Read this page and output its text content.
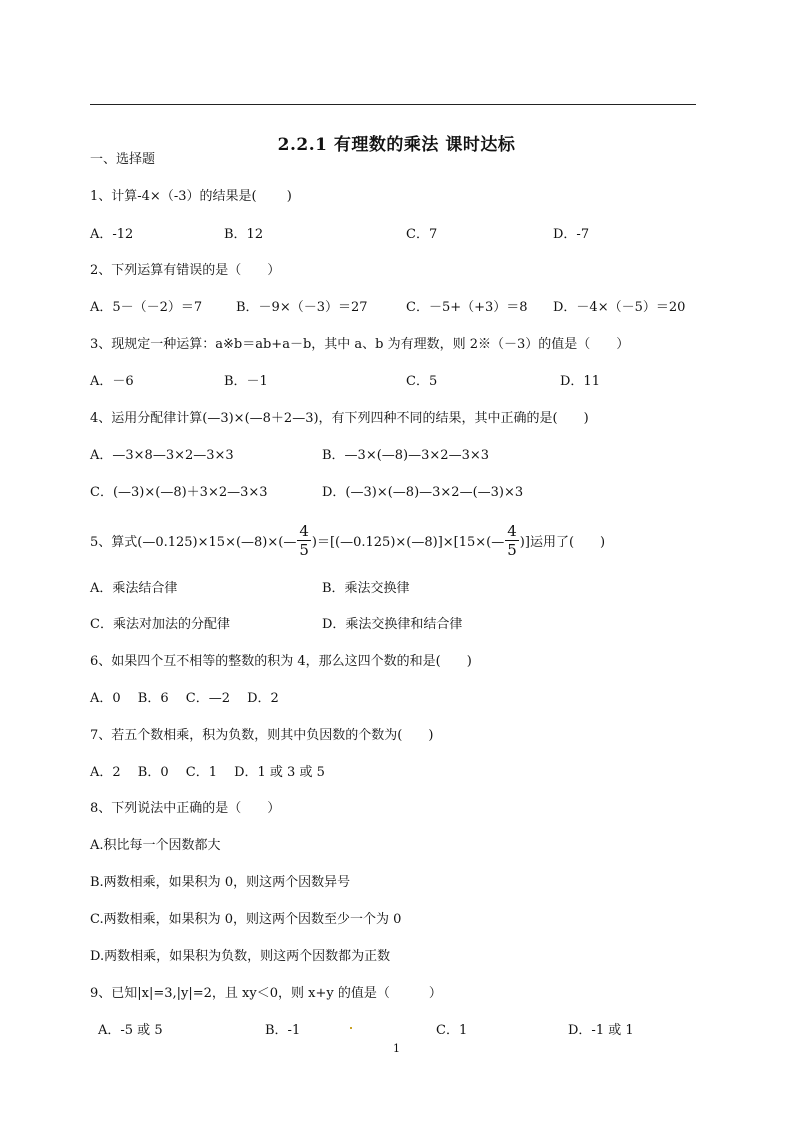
2.2.1 有理数的乘法 课时达标
一、选择题
1、计算-4×（-3）的结果是(　　 )
A．-12	B．12	C．7	D．-7
2、下列运算有错误的是（　　）
A．5－（－2）＝7	B．－9×（－3）＝27	C．－5+（+3）＝8 D．－4×（－5）＝20
3、现规定一种运算：a※b＝ab+a－b，其中 a、b 为有理数，则 2※（－3）的值是（　　）
A．－6	B．－1	C．5	D．11
4、运用分配律计算(—3)×(—8＋2—3)，有下列四种不同的结果，其中正确的是(　　)
A．—3×8—3×2—3×3	B．—3×(—8)—3×2—3×3
C．(—3)×(—8)＋3×2—3×3	D．(—3)×(—8)—3×2—(—3)×3
5、算式(—0.125)×15×(—8)×(— $\frac{4}{5}$ )＝[(—0.125)×(—8)]×[15×(— $\frac{4}{5}$ )]运用了(　　)
A．乘法结合律	B．乘法交换律
C．乘法对加法的分配律	D．乘法交换律和结合律
6、如果四个互不相等的整数的积为 4，那么这四个数的和是(　　)
A．0　 B．6　 C．—2　 D．2
7、若五个数相乘，积为负数，则其中负因数的个数为(　　)
A．2　 B．0　 C．1　 D．1 或 3 或 5
8、下列说法中正确的是（　　）
A.积比每一个因数都大
B.两数相乘，如果积为 0，则这两个因数异号
C.两数相乘，如果积为 0，则这两个因数至少一个为 0
D.两数相乘，如果积为负数，则这两个因数都为正数
9、已知|x|=3,|y|=2，且 xy＜0，则 x+y 的值是（　　　）
A．-5 或 5	B．-1	C．1	D．-1 或 1
1
